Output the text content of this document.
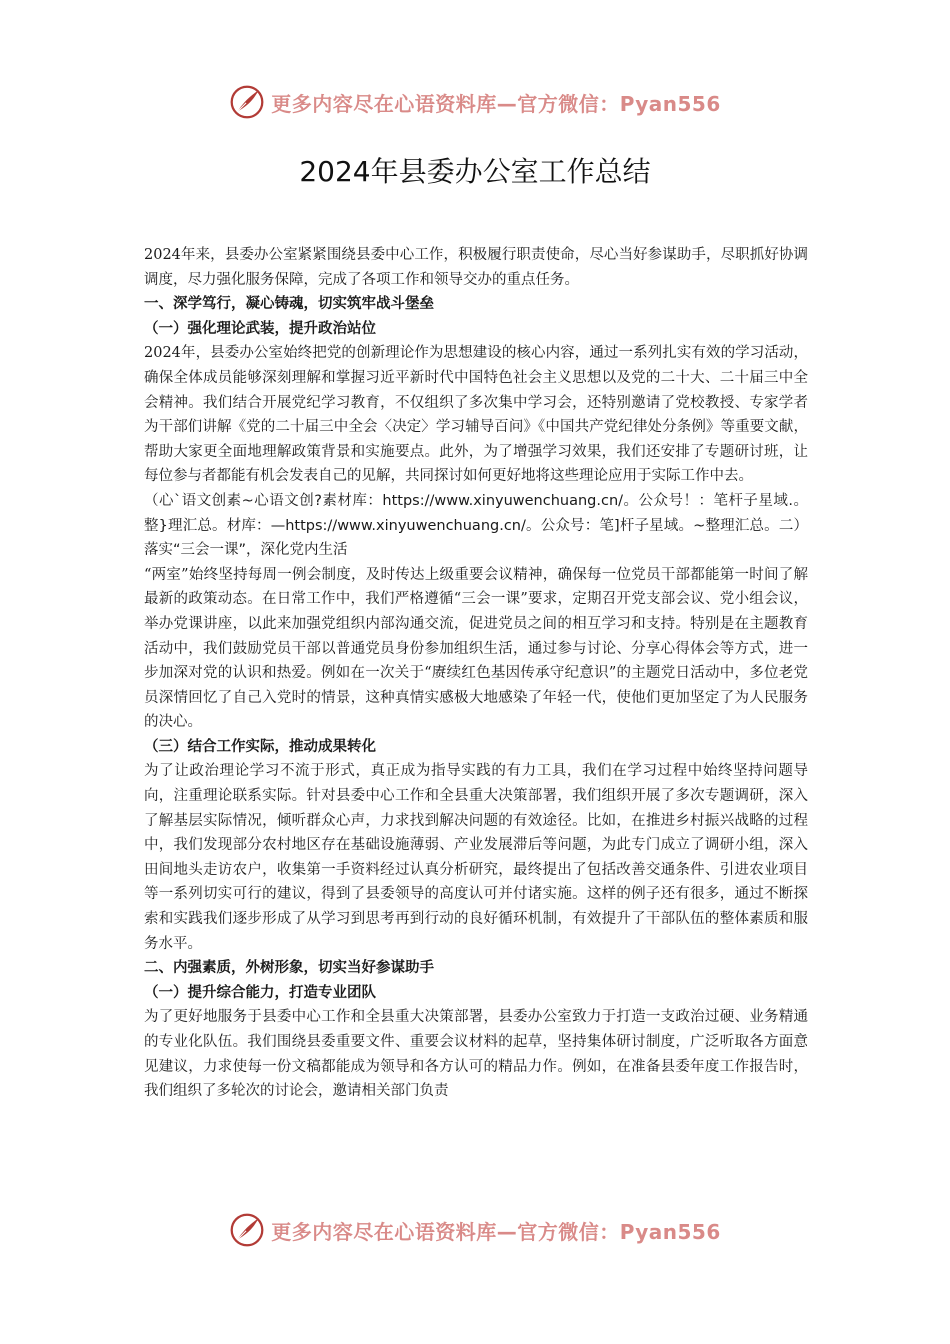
更多内容尽在心语资料库—官方微信：Pyan556
2024年县委办公室工作总结

2024年来，县委办公室紧紧围绕县委中心工作，积极履行职责使命，尽心当好参谋助手，尽职抓好协调调度，尽力强化服务保障，完成了各项工作和领导交办的重点任务。

一、深学笃行，凝心铸魂，切实筑牢战斗堡垒

（一）强化理论武装，提升政治站位

2024年，县委办公室始终把党的创新理论作为思想建设的核心内容，通过一系列扎实有效的学习活动，确保全体成员能够深刻理解和掌握习近平新时代中国特色社会主义思想以及党的二十大、二十届三中全会精神。我们结合开展党纪学习教育，不仅组织了多次集中学习会，还特别邀请了党校教授、专家学者为干部们讲解《党的二十届三中全会〈决定〉学习辅导百问》《中国共产党纪律处分条例》等重要文献，帮助大家更全面地理解政策背景和实施要点。此外，为了增强学习效果，我们还安排了专题研讨班，让每位参与者都能有机会发表自己的见解，共同探讨如何更好地将这些理论应用于实际工作中去。

（心`语文创素~心语文创?素材库：https://www.xinyuwenchuang.cn/。公众号！：笔杆子星域.。整}理汇总。材库：—https://www.xinyuwenchuang.cn/。公众号：笔]杆子星域。~整理汇总。二）落实“三会一课”，深化党内生活

“两室”始终坚持每周一例会制度，及时传达上级重要会议精神，确保每一位党员干部都能第一时间了解最新的政策动态。在日常工作中，我们严格遵循“三会一课”要求，定期召开党支部会议、党小组会议，举办党课讲座，以此来加强党组织内部沟通交流，促进党员之间的相互学习和支持。特别是在主题教育活动中，我们鼓励党员干部以普通党员身份参加组织生活，通过参与讨论、分享心得体会等方式，进一步加深对党的认识和热爱。例如在一次关于“赓续红色基因传承守纪意识”的主题党日活动中，多位老党员深情回忆了自己入党时的情景，这种真情实感极大地感染了年轻一代，使他们更加坚定了为人民服务的决心。

（三）结合工作实际，推动成果转化

为了让政治理论学习不流于形式，真正成为指导实践的有力工具，我们在学习过程中始终坚持问题导向，注重理论联系实际。针对县委中心工作和全县重大决策部署，我们组织开展了多次专题调研，深入了解基层实际情况，倾听群众心声，力求找到解决问题的有效途径。比如，在推进乡村振兴战略的过程中，我们发现部分农村地区存在基础设施薄弱、产业发展滞后等问题，为此专门成立了调研小组，深入田间地头走访农户，收集第一手资料经过认真分析研究，最终提出了包括改善交通条件、引进农业项目等一系列切实可行的建议，得到了县委领导的高度认可并付诸实施。这样的例子还有很多，通过不断探索和实践我们逐步形成了从学习到思考再到行动的良好循环机制，有效提升了干部队伍的整体素质和服务水平。

二、内强素质，外树形象，切实当好参谋助手

（一）提升综合能力，打造专业团队

为了更好地服务于县委中心工作和全县重大决策部署，县委办公室致力于打造一支政治过硬、业务精通的专业化队伍。我们围绕县委重要文件、重要会议材料的起草，坚持集体研讨制度，广泛听取各方面意见建议，力求使每一份文稿都能成为领导和各方认可的精品力作。例如，在准备县委年度工作报告时，我们组织了多轮次的讨论会，邀请相关部门负责

更多内容尽在心语资料库—官方微信：Pyan556
